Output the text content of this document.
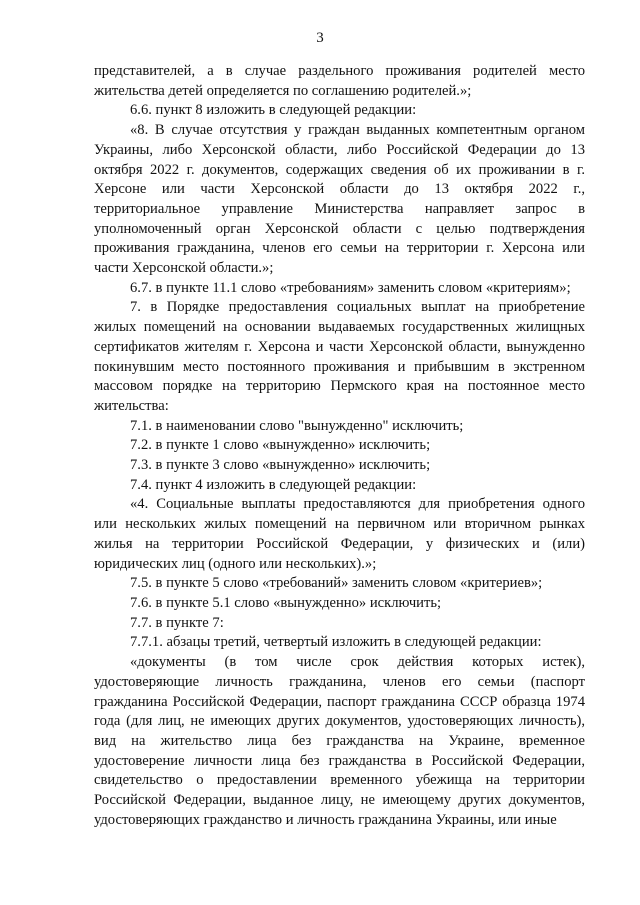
3

представителей, а в случае раздельного проживания родителей место жительства детей определяется по соглашению родителей.»;

6.6. пункт 8 изложить в следующей редакции:

«8. В случае отсутствия у граждан выданных компетентным органом Украины, либо Херсонской области, либо Российской Федерации до 13 октября 2022 г. документов, содержащих сведения об их проживании в г. Херсоне или части Херсонской области до 13 октября 2022 г., территориальное управление Министерства направляет запрос в уполномоченный орган Херсонской области с целью подтверждения проживания гражданина, членов его семьи на территории г. Херсона или части Херсонской области.»;

6.7. в пункте 11.1 слово «требованиям» заменить словом «критериям»;

7. в Порядке предоставления социальных выплат на приобретение жилых помещений на основании выдаваемых государственных жилищных сертификатов жителям г. Херсона и части Херсонской области, вынужденно покинувшим место постоянного проживания и прибывшим в экстренном массовом порядке на территорию Пермского края на постоянное место жительства:

7.1. в наименовании слово "вынужденно" исключить;

7.2. в пункте 1 слово «вынужденно» исключить;

7.3. в пункте 3 слово «вынужденно» исключить;

7.4. пункт 4 изложить в следующей редакции:

«4. Социальные выплаты предоставляются для приобретения одного или нескольких жилых помещений на первичном или вторичном рынках жилья на территории Российской Федерации, у физических и (или) юридических лиц (одного или нескольких).»;

7.5. в пункте 5 слово «требований» заменить словом «критериев»;

7.6. в пункте 5.1 слово «вынужденно» исключить;

7.7. в пункте 7:

7.7.1. абзацы третий, четвертый изложить в следующей редакции:

«документы (в том числе срок действия которых истек), удостоверяющие личность гражданина, членов его семьи (паспорт гражданина Российской Федерации, паспорт гражданина СССР образца 1974 года (для лиц, не имеющих других документов, удостоверяющих личность), вид на жительство лица без гражданства на Украине, временное удостоверение личности лица без гражданства в Российской Федерации, свидетельство о предоставлении временного убежища на территории Российской Федерации, выданное лицу, не имеющему других документов, удостоверяющих гражданство и личность гражданина Украины, или иные
